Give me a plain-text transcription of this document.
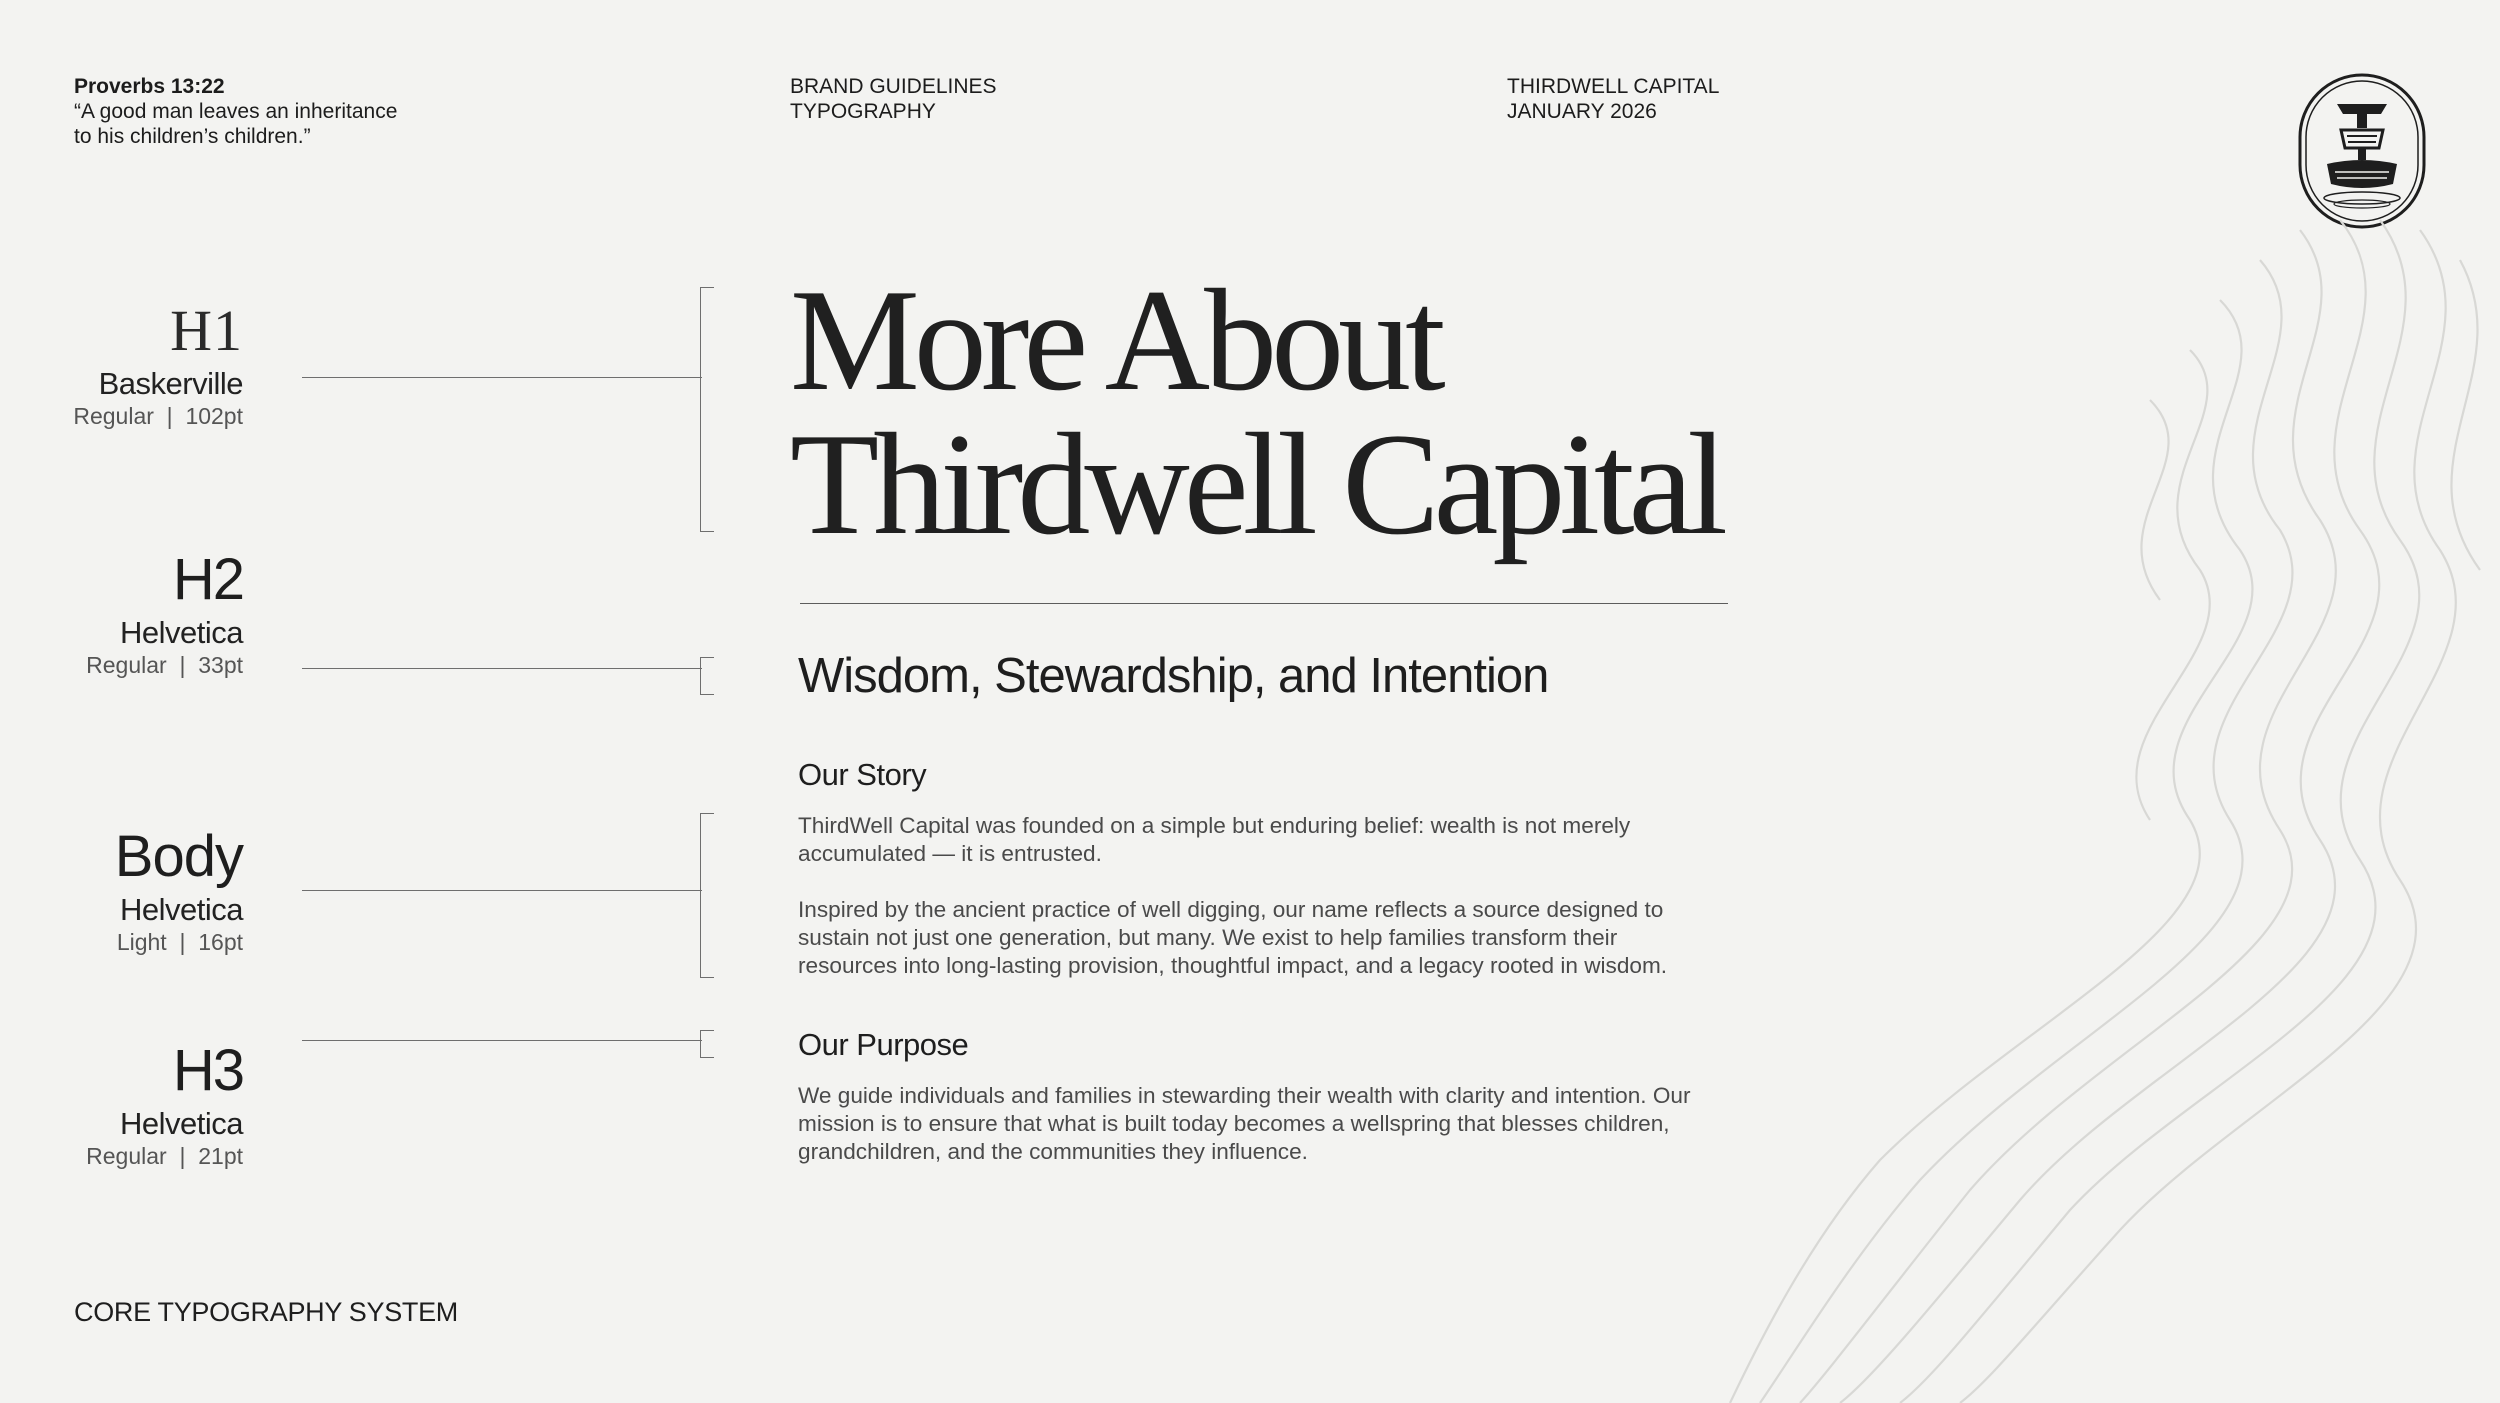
Proverbs 13:22
“A good man leaves an inheritance
to his children’s children.”
BRAND GUIDELINES
TYPOGRAPHY
THIRDWELL CAPITAL
JANUARY 2026
H1
Baskerville
Regular | 102pt
H2
Helvetica
Regular | 33pt
Body
Helvetica
Light | 16pt
H3
Helvetica
Regular | 21pt
More About
Thirdwell Capital
Wisdom, Stewardship, and Intention
Our Story

ThirdWell Capital was founded on a simple but enduring belief: wealth is not merely accumulated — it is entrusted.

Inspired by the ancient practice of well digging, our name reflects a source designed to sustain not just one generation, but many. We exist to help families transform their resources into long-lasting provision, thoughtful impact, and a legacy rooted in wisdom.

Our Purpose

We guide individuals and families in stewarding their wealth with clarity and intention. Our mission is to ensure that what is built today becomes a wellspring that blesses children, grandchildren, and the communities they influence.

CORE TYPOGRAPHY SYSTEM
